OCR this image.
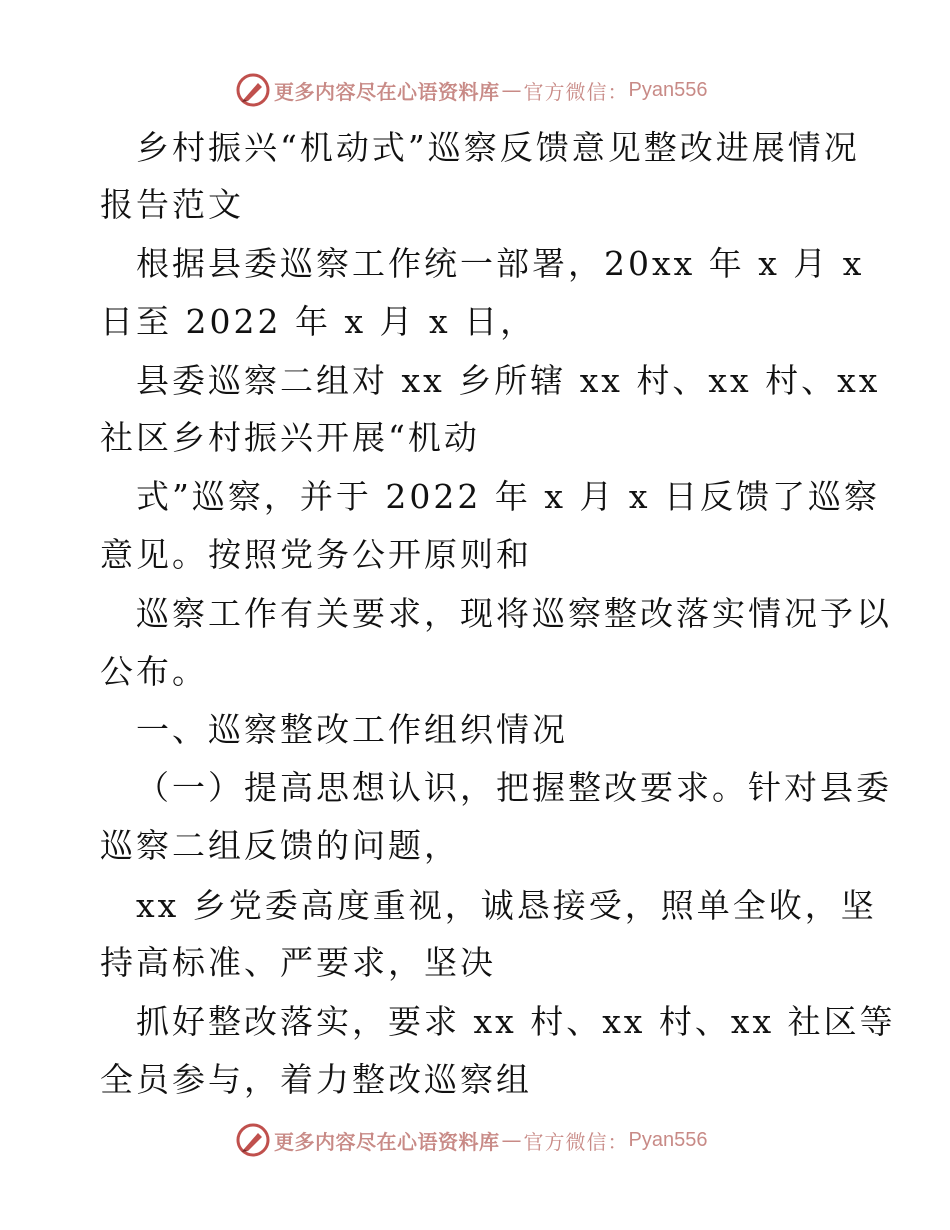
更多内容尽在心语资料库 — 官方微信： Pyan556
乡村振兴“机动式”巡察反馈意见整改进展情况
报告范文
根据县委巡察工作统一部署，20xx 年 x 月 x
日至 2022 年 x 月 x 日，
县委巡察二组对 xx 乡所辖 xx 村、xx 村、xx
社区乡村振兴开展“机动
式”巡察，并于 2022 年 x 月 x 日反馈了巡察
意见。按照党务公开原则和
巡察工作有关要求，现将巡察整改落实情况予以
公布。
一、巡察整改工作组织情况
（一）提高思想认识，把握整改要求。针对县委
巡察二组反馈的问题，
xx 乡党委高度重视，诚恳接受，照单全收，坚
持高标准、严要求，坚决
抓好整改落实，要求 xx 村、xx 村、xx 社区等
全员参与，着力整改巡察组
更多内容尽在心语资料库 — 官方微信： Pyan556
